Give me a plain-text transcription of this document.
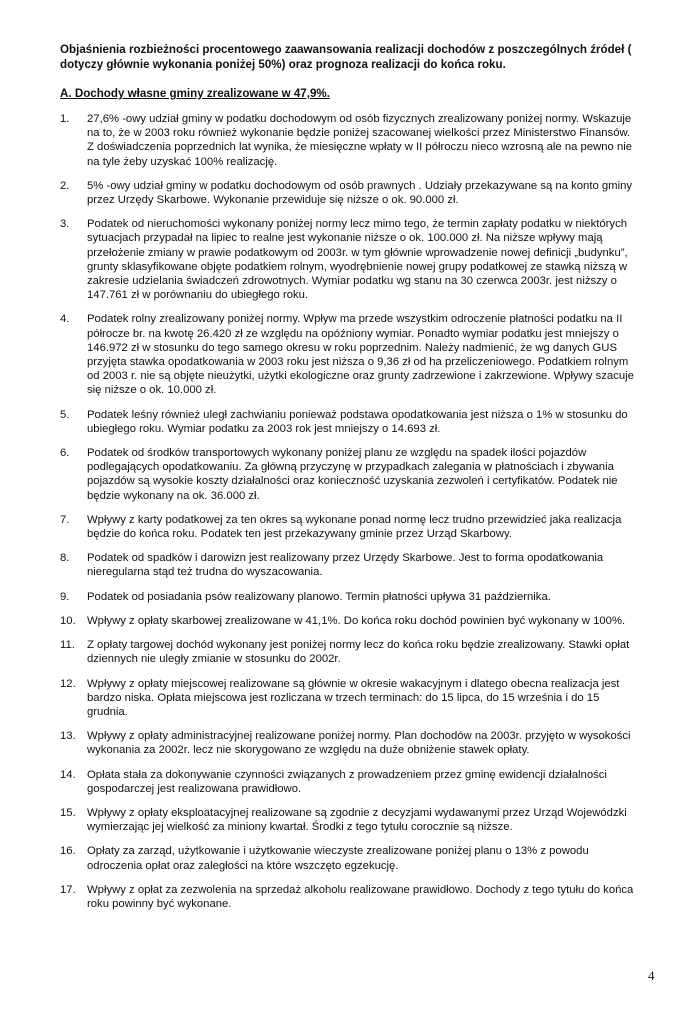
Objaśnienia rozbieżności procentowego zaawansowania realizacji dochodów z poszczególnych źródeł ( dotyczy głównie wykonania poniżej 50%) oraz prognoza realizacji do końca roku.
A. Dochody własne gminy zrealizowane w 47,9%.
1.	27,6% -owy udział gminy w podatku dochodowym od osób fizycznych zrealizowany poniżej normy. Wskazuje na to, że w 2003 roku również wykonanie będzie poniżej szacowanej wielkości przez Ministerstwo Finansów. Z doświadczenia poprzednich lat wynika, że miesięczne wpłaty w II półroczu nieco wzrosną ale na pewno nie na tyle żeby uzyskać 100% realizację.
2.	5% -owy udział gminy w podatku dochodowym od osób prawnych . Udziały przekazywane są na konto gminy przez Urzędy Skarbowe. Wykonanie przewiduje się niższe o ok. 90.000 zł.
3.	Podatek od nieruchomości wykonany poniżej normy lecz mimo tego, że termin zapłaty podatku w niektórych sytuacjach przypadał na lipiec to realne jest wykonanie niższe o ok. 100.000 zł. Na niższe wpływy mają przełożenie zmiany w prawie podatkowym od 2003r. w tym głównie wprowadzenie nowej definicji „budynku”, grunty sklasyfikowane objęte podatkiem rolnym, wyodrębnienie nowej grupy podatkowej ze stawką niższą w zakresie udzielania świadczeń zdrowotnych. Wymiar podatku wg stanu na 30 czerwca 2003r. jest niższy o 147.761 zł w porównaniu do ubiegłego roku.
4.	Podatek rolny zrealizowany poniżej normy. Wpływ ma przede wszystkim odroczenie płatności podatku na II półrocze br. na kwotę 26.420 zł ze względu na opóźniony wymiar. Ponadto wymiar podatku jest mniejszy o 146.972 zł w stosunku do tego samego okresu w roku poprzednim. Należy nadmienić, że wg danych GUS przyjęta stawka opodatkowania w 2003 roku jest niższa o 9,36 zł od ha przeliczeniowego. Podatkiem rolnym od 2003 r. nie są objęte nieużytki, użytki ekologiczne oraz grunty zadrzewione i zakrzewione. Wpływy szacuje się niższe o ok. 10.000 zł.
5.	Podatek leśny również uległ zachwianiu ponieważ podstawa opodatkowania jest niższa o 1% w stosunku do ubiegłego roku. Wymiar podatku za 2003 rok jest mniejszy o 14.693 zł.
6.	Podatek od środków transportowych wykonany poniżej planu ze względu na spadek ilości pojazdów podlegających opodatkowaniu. Za główną przyczynę w przypadkach zalegania w płatnościach i zbywania pojazdów są wysokie koszty działalności oraz konieczność uzyskania zezwoleń i certyfikatów. Podatek nie będzie wykonany na ok. 36.000 zł.
7.	Wpływy z karty podatkowej za ten okres są wykonane ponad normę lecz trudno przewidzieć jaka realizacja będzie do końca roku. Podatek ten jest przekazywany gminie przez Urząd Skarbowy.
8.	Podatek od spadków i darowizn jest realizowany przez Urzędy Skarbowe. Jest to forma opodatkowania nieregularna stąd też trudna do wyszacowania.
9.	Podatek od posiadania psów realizowany planowo. Termin płatności upływa 31 października.
10. Wpływy z opłaty skarbowej zrealizowane w 41,1%. Do końca roku dochód powinien być wykonany w 100%.
11.	Z opłaty targowej dochód wykonany jest poniżej normy lecz do końca roku będzie zrealizowany. Stawki opłat dziennych nie uległy zmianie w stosunku do 2002r.
12. Wpływy z opłaty miejscowej realizowane są głównie w okresie wakacyjnym i dlatego obecna realizacja jest bardzo niska. Opłata miejscowa jest rozliczana w trzech terminach: do 15 lipca, do 15 września i do 15 grudnia.
13. Wpływy z opłaty administracyjnej realizowane poniżej normy. Plan dochodów na 2003r. przyjęto w wysokości wykonania za 2002r. lecz nie skorygowano ze względu na duże obniżenie stawek opłaty.
14. Opłata stała za dokonywanie czynności związanych z prowadzeniem przez gminę ewidencji działalności gospodarczej jest realizowana prawidłowo.
15. Wpływy z opłaty eksploatacyjnej realizowane są zgodnie z decyzjami wydawanymi przez Urząd Wojewódzki wymierzając jej wielkość za miniony kwartał. Środki z tego tytułu corocznie są niższe.
16. Opłaty za zarząd, użytkowanie i użytkowanie wieczyste zrealizowane poniżej planu o 13% z powodu odroczenia opłat oraz zaległości na które wszczęto egzekucję.
17. Wpływy z opłat za zezwolenia na sprzedaż alkoholu realizowane prawidłowo. Dochody z tego tytułu do końca roku powinny być wykonane.
4
